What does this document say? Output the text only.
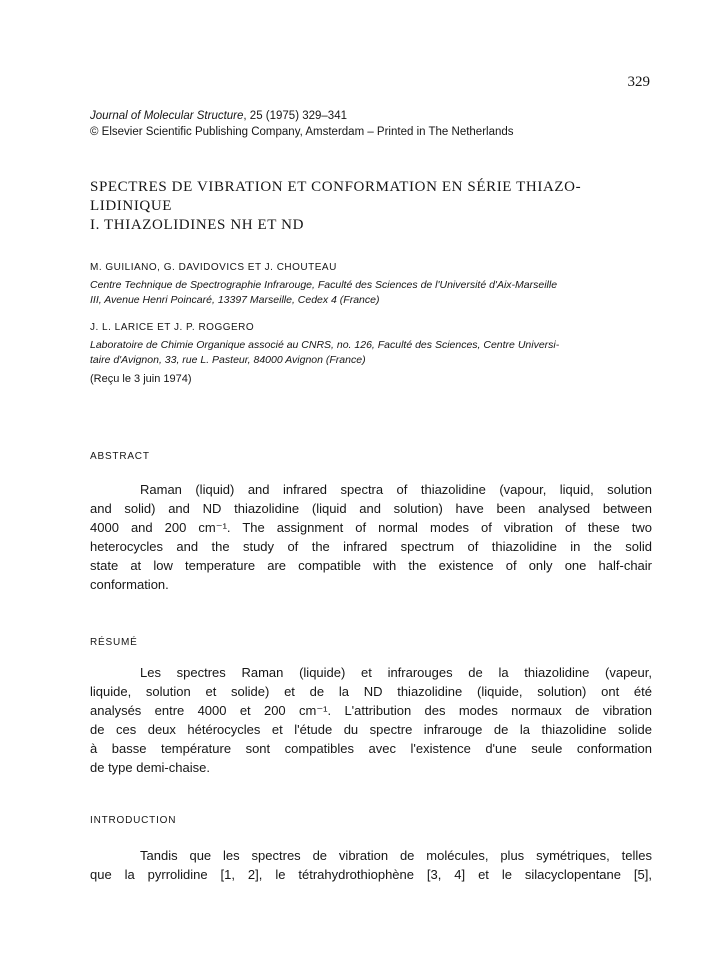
329
Journal of Molecular Structure, 25 (1975) 329–341
© Elsevier Scientific Publishing Company, Amsterdam – Printed in The Netherlands
SPECTRES DE VIBRATION ET CONFORMATION EN SÉRIE THIAZO-
LIDINIQUE
I. THIAZOLIDINES NH ET ND
M. GUILIANO, G. DAVIDOVICS ET J. CHOUTEAU
Centre Technique de Spectrographie Infrarouge, Faculté des Sciences de l'Université d'Aix-Marseille
III, Avenue Henri Poincaré, 13397 Marseille, Cedex 4 (France)
J. L. LARICE ET J. P. ROGGERO
Laboratoire de Chimie Organique associé au CNRS, no. 126, Faculté des Sciences, Centre Universi-
taire d'Avignon, 33, rue L. Pasteur, 84000 Avignon (France)
(Reçu le 3 juin 1974)
ABSTRACT
Raman (liquid) and infrared spectra of thiazolidine (vapour, liquid, solution
and solid) and ND thiazolidine (liquid and solution) have been analysed between
4000 and 200 cm⁻¹. The assignment of normal modes of vibration of these two
heterocycles and the study of the infrared spectrum of thiazolidine in the solid
state at low temperature are compatible with the existence of only one half-chair
conformation.
RÉSUMÉ
Les spectres Raman (liquide) et infrarouges de la thiazolidine (vapeur,
liquide, solution et solide) et de la ND thiazolidine (liquide, solution) ont été
analysés entre 4000 et 200 cm⁻¹. L'attribution des modes normaux de vibration
de ces deux hétérocycles et l'étude du spectre infrarouge de la thiazolidine solide
à basse température sont compatibles avec l'existence d'une seule conformation
de type demi-chaise.
INTRODUCTION
Tandis que les spectres de vibration de molécules, plus symétriques, telles
que la pyrrolidine [1, 2], le tétrahydrothiophène [3, 4] et le silacyclopentane [5],
